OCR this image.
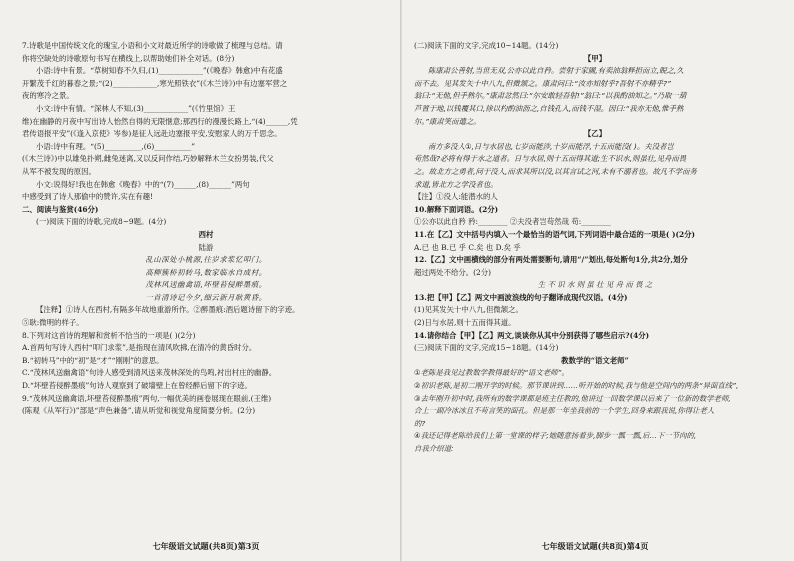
7.诗歌是中国传统文化的瑰宝,小语和小文对最近所学的诗歌做了梳理与总结。请

你将空缺处的诗歌原句书写在横线上,以帮助她们补全对话。(8分)

小语:诗中有景。“草树知春不久归,(1)____________”(《晚春》韩愈)中有花盛

开繁茂千红的暮春之景;“(2)____________,寒光照铁衣”(《木兰诗》)中有边塞军营之

夜的寒冷之景。

小文:诗中有情。“深林人不知,(3)____________”(《竹里馆》王

维)在幽静的月夜中写出诗人怡然自得的无限惬意;那西行的漫漫长路上,“(4)______,凭

君传语报平安”(《逢入京使》岑参)是征人远赴边塞报平安,安慰家人的万千思念。

小语:诗中有理。“(5)__________,(6)__________”

(《木兰诗》)中以雄兔扑朔,雌兔迷离,又以反问作结,巧妙解释木兰女扮男装,代父

从军不被发现的原因。

小文:说得好!我也在韩愈《晚春》中的“(7)______,(8)______”两句

中感受到了诗人那偷中的赞许,实在有趣!

二、阅读与鉴赏(46分)

(一)阅读下面的诗歌,完成8~9题。(4分)

西村

陆游

乱山深处小桃源,往岁求浆忆叩门。

高柳簇桥初转马,数家临水自成村。

茂林风送幽禽语,坏壁苔侵醉墨痕。

一首清诗记今夕,细云新月耿黄昏。

【注释】①诗人在西村,有隔多年故地重游所作。②醉墨痕:酒后题诗留下的字迹。

⑤耿:微明的样子。

8.下列对这首诗的理解和赏析不恰当的一项是( )(2分)

A.首两句写诗人西村“叩门求浆”,是指现在清风吹拂,在清冷的黄昏时分。

B.“初转马”中的“初”是“才”“刚刚”的意思。

C.“茂林风送幽禽语”句诗人感受到清风送来茂林深处的鸟鸣,衬出村庄的幽静。

D.“坏壁苔侵醉墨痕”句诗人观察到了破墙壁上在曾经醉后留下的字迹。

9.“茂林风送幽禽语,坏壁苔侵醉墨痕”两句,一幅优美的画卷展现在眼前,(王维)

(陈观《从军行》)”部是“声色兼备”,请从听觉和视觉角度简要分析。(2分)

七年级语文试题(共8页)第3页

(二)阅读下面的文字,完成10~14题。(14分)

【甲】

陈康肃公善射,当世无双,公亦以此自矜。尝射于家圃,有卖油翁释担而立,睨之,久

而不去。见其发矢十中八九,但微颔之。康肃问曰:“汝亦知射乎?吾射不亦精乎?”

翁曰:“无他,但手熟尔。”康肃忿然曰:“尔安敢轻吾射!”翁曰:“以我酌油知之。”乃取一葫

芦置于地,以钱覆其口,徐以杓酌油沥之,自钱孔入,而钱不湿。因曰:“我亦无他,惟手熟

尔。”康肃笑而遣之。

【乙】

南方多没人①,日与水居也,七岁而能涉,十岁而能浮,十五而能没( )。夫没者岂

苟然哉?必将有得于水之道者。日与水居,则十五而得其道;生不识水,则虽壮,见舟而畏

之。故北方之勇者,问于没人,而求其所以没,以其言试之河,未有不溺者也。故凡不学而务

求道,皆北方之学没者也。

【注】①没人:能潜水的人

10.解释下面词语。(2分)

①公亦以此自矜 矜:________ ②夫没者岂苟然哉 苟:________

11.在【乙】文中括号内填入一个最恰当的语气词,下列词语中最合适的一项是( )(2分)

A.已 也 B.已 乎 C.矣 也 D.矣 乎

12.【乙】文中画横线的部分有两处需要断句,请用“/”划出,每处断句1分,共2分,划分

超过两处不给分。(2分)

生 不 识 水 则 虽 壮 见 舟 而 畏 之

13.把【甲】【乙】两文中画波浪线的句子翻译成现代汉语。(4分)

(1)见其发矢十中八九,但微颔之。

(2)日与水居,则十五而得其道。

14.请你结合【甲】【乙】两文,谈谈你从其中分别获得了哪些启示?(4分)

(三)阅读下面的文字,完成15~18题。(14分)

教数学的“语文老师”

①老陈是我见过教数学教得最好的“语文老师”。

②初识老陈,是初二刚开学的时候。那节课讲到……听开始的时候,我与他是空间内的两条“异面直线”,

③去年刚升初中时,我所有的数学课都是班主任教的,他讲过一回数学课以后来了一位新的数学老师,

合上一副冷冰冰且不苟言笑的面孔。但是那一年坐我前的一个学生,回身来跟我说,你得让老人

的?

④我还记得老陈给我们上第一堂课的样子;她随意扬着步,脚步一瓢一瓢,后…下一节向的,

自我介绍道:

七年级语文试题(共8页)第4页
